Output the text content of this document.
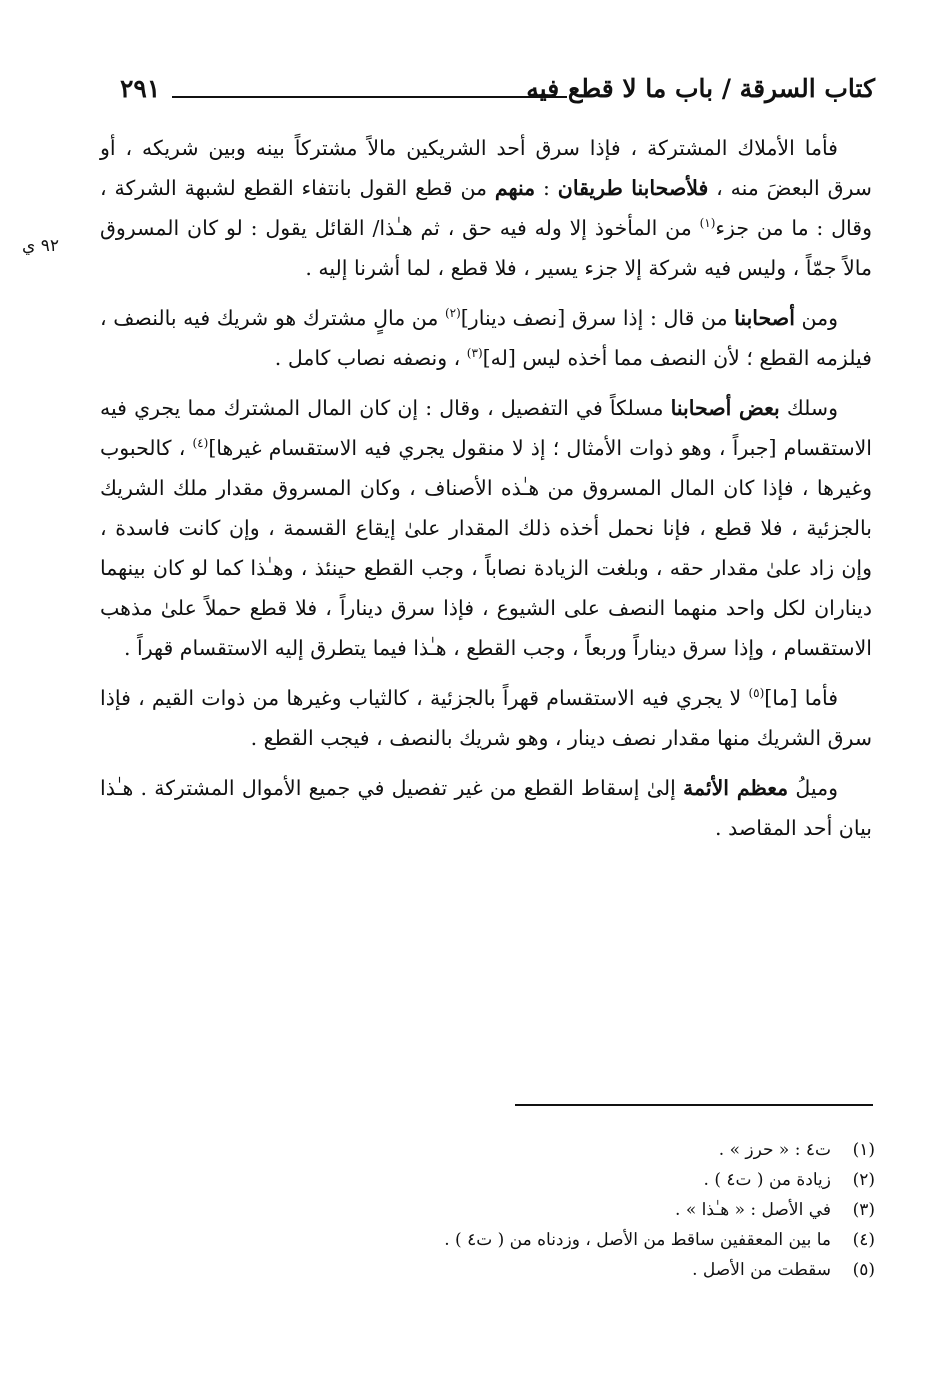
كتاب السرقة / باب ما لا قطع فيه
٢٩١
٩٢ ي

فأما الأملاك المشتركة ، فإذا سرق أحد الشريكين مالاً مشتركاً بينه وبين شريكه ، أو سرق البعضَ منه ، فلأصحابنا طريقان : منهم من قطع القول بانتفاء القطع لشبهة الشركة ، وقال : ما من جزء$^{(١)}$ من المأخوذ إلا وله فيه حق ، ثم هـٰذا/ القائل يقول : لو كان المسروق مالاً جمّاً ، وليس فيه شركة إلا جزء يسير ، فلا قطع ، لما أشرنا إليه .

ومن أصحابنا من قال : إذا سرق [نصف دينار]$^{(٢)}$ من مالٍ مشترك هو شريك فيه بالنصف ، فيلزمه القطع ؛ لأن النصف مما أخذه ليس [له]$^{(٣)}$ ، ونصفه نصاب كامل .

وسلك بعض أصحابنا مسلكاً في التفصيل ، وقال : إن كان المال المشترك مما يجري فيه الاستقسام [جبراً ، وهو ذوات الأمثال ؛ إذ لا منقول يجري فيه الاستقسام غيرها]$^{(٤)}$ ، كالحبوب وغيرها ، فإذا كان المال المسروق من هـٰذه الأصناف ، وكان المسروق مقدار ملك الشريك بالجزئية ، فلا قطع ، فإنا نحمل أخذه ذلك المقدار علىٰ إيقاع القسمة ، وإن كانت فاسدة ، وإن زاد علىٰ مقدار حقه ، وبلغت الزيادة نصاباً ، وجب القطع حينئذ ، وهـٰذا كما لو كان بينهما ديناران لكل واحد منهما النصف على الشيوع ، فإذا سرق ديناراً ، فلا قطع حملاً علىٰ مذهب الاستقسام ، وإذا سرق ديناراً وربعاً ، وجب القطع ، هـٰذا فيما يتطرق إليه الاستقسام قهراً .

فأما [ما]$^{(٥)}$ لا يجري فيه الاستقسام قهراً بالجزئية ، كالثياب وغيرها من ذوات القيم ، فإذا سرق الشريك منها مقدار نصف دينار ، وهو شريك بالنصف ، فيجب القطع .

وميلُ معظم الأئمة إلىٰ إسقاط القطع من غير تفصيل في جميع الأموال المشتركة . هـٰذا بيان أحد المقاصد .

(١)ت٤ : « حرز » .
(٢)زيادة من ( ت٤ ) .
(٣)في الأصل : « هـٰذا » .
(٤)ما بين المعقفين ساقط من الأصل ، وزدناه من ( ت٤ ) .
(٥)سقطت من الأصل .
